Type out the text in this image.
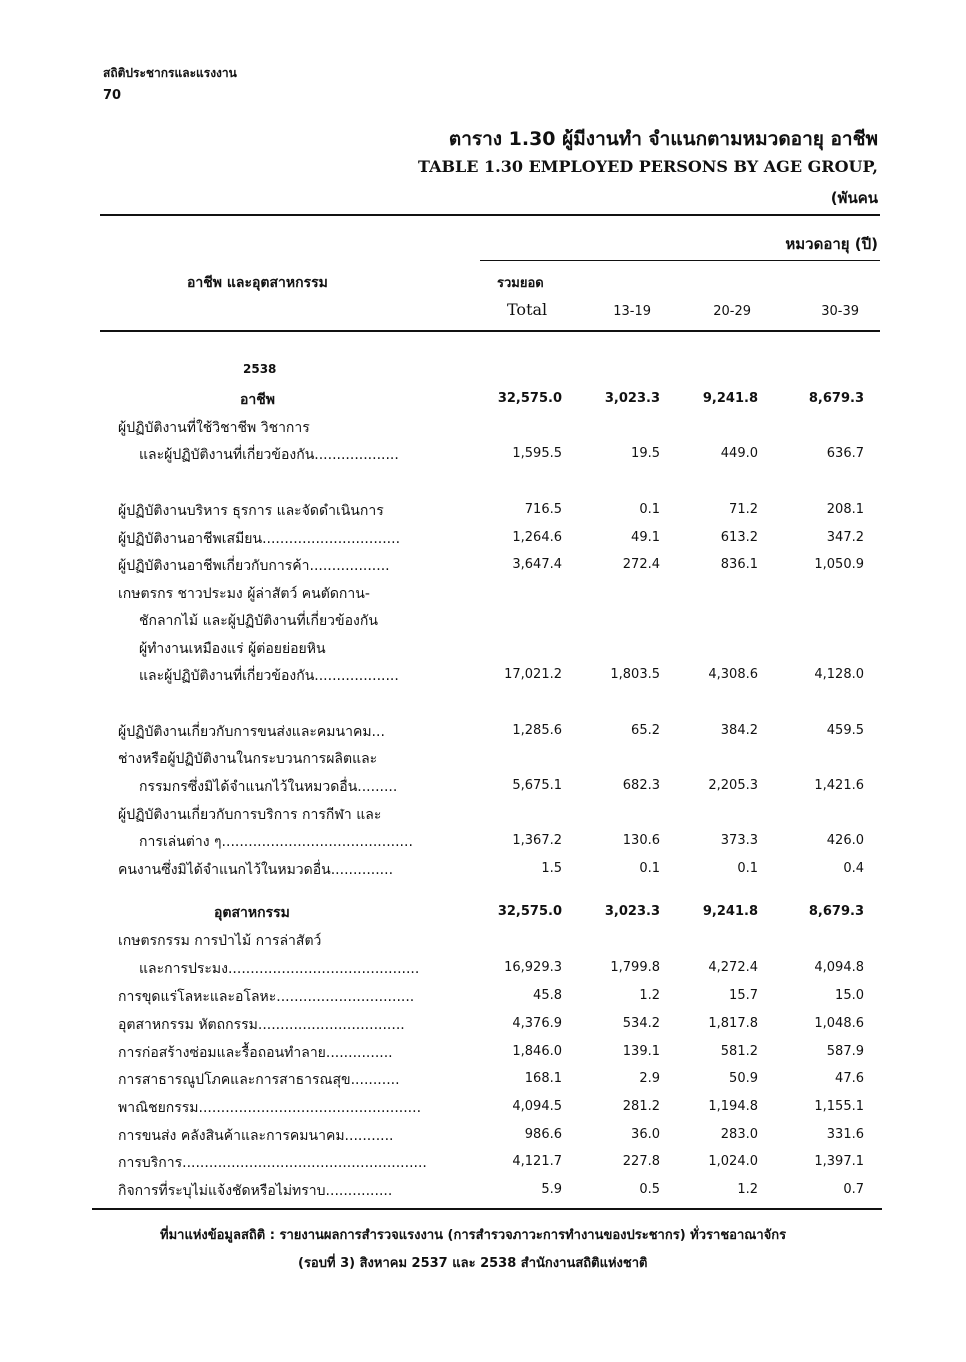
สถิติประชากรและแรงงาน
70
ตาราง 1.30 ผู้มีงานทำ จำแนกตามหมวดอายุ อาชีพ
TABLE 1.30 EMPLOYED PERSONS BY AGE GROUP,
(พันคน
หมวดอายุ (ปี)
อาชีพ และอุตสาหกรรม	รวมยอด
Total	13-19	20-29	30-39
2538
อาชีพ	32,575.0	3,023.3	9,241.8	8,679.3
ผู้ปฏิบัติงานที่ใช้วิชาชีพ วิชาการ
และผู้ปฏิบัติงานที่เกี่ยวข้องกัน...................	1,595.5	19.5	449.0	636.7
ผู้ปฏิบัติงานบริหาร ธุรการ และจัดดำเนินการ	716.5	0.1	71.2	208.1
ผู้ปฏิบัติงานอาชีพเสมียน...............................	1,264.6	49.1	613.2	347.2
ผู้ปฏิบัติงานอาชีพเกี่ยวกับการค้า..................	3,647.4	272.4	836.1	1,050.9
เกษตรกร ชาวประมง ผู้ล่าสัตว์ คนตัดกาน-
ชักลากไม้ และผู้ปฏิบัติงานที่เกี่ยวข้องกัน
ผู้ทำงานเหมืองแร่ ผู้ต่อยย่อยหิน
และผู้ปฏิบัติงานที่เกี่ยวข้องกัน...................	17,021.2	1,803.5	4,308.6	4,128.0
ผู้ปฏิบัติงานเกี่ยวกับการขนส่งและคมนาคม...	1,285.6	65.2	384.2	459.5
ช่างหรือผู้ปฏิบัติงานในกระบวนการผลิตและ
กรรมกรซึ่งมิได้จำแนกไว้ในหมวดอื่น.........	5,675.1	682.3	2,205.3	1,421.6
ผู้ปฏิบัติงานเกี่ยวกับการบริการ การกีฬา และ
การเล่นต่าง ๆ...........................................	1,367.2	130.6	373.3	426.0
คนงานซึ่งมิได้จำแนกไว้ในหมวดอื่น..............	1.5	0.1	0.1	0.4
อุตสาหกรรม	32,575.0	3,023.3	9,241.8	8,679.3
เกษตรกรรม การป่าไม้ การล่าสัตว์
และการประมง...........................................	16,929.3	1,799.8	4,272.4	4,094.8
การขุดแร่โลหะและอโลหะ...............................	45.8	1.2	15.7	15.0
อุตสาหกรรม หัตถกรรม.................................	4,376.9	534.2	1,817.8	1,048.6
การก่อสร้างซ่อมและรื้อถอนทำลาย...............	1,846.0	139.1	581.2	587.9
การสาธารณูปโภคและการสาธารณสุข...........	168.1	2.9	50.9	47.6
พาณิชยกรรม..................................................	4,094.5	281.2	1,194.8	1,155.1
การขนส่ง คลังสินค้าและการคมนาคม...........	986.6	36.0	283.0	331.6
การบริการ.......................................................	4,121.7	227.8	1,024.0	1,397.1
กิจการที่ระบุไม่แจ้งชัดหรือไม่ทราบ...............	5.9	0.5	1.2	0.7
ที่มาแห่งข้อมูลสถิติ : รายงานผลการสำรวจแรงงาน (การสำรวจภาวะการทำงานของประชากร) ทั่วราชอาณาจักร
(รอบที่ 3) สิงหาคม 2537 และ 2538 สำนักงานสถิติแห่งชาติ
